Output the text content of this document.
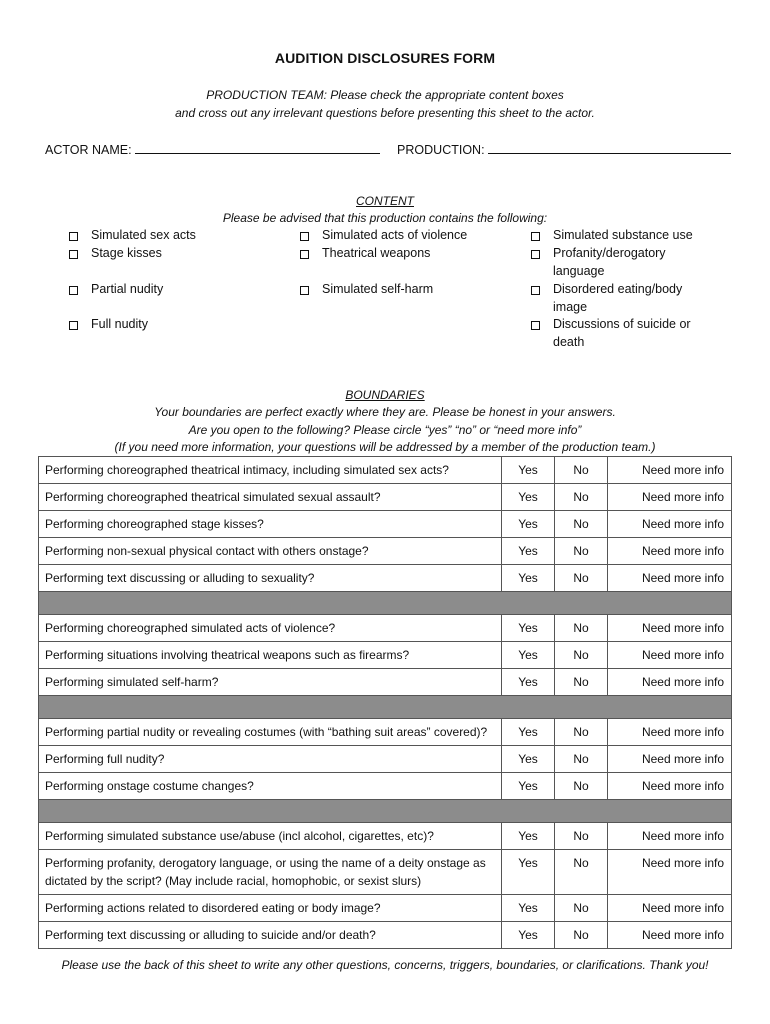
AUDITION DISCLOSURES FORM
PRODUCTION TEAM: Please check the appropriate content boxes
and cross out any irrelevant questions before presenting this sheet to the actor.
ACTOR NAME:	PRODUCTION:
CONTENT
Please be advised that this production contains the following:
Simulated sex acts	Simulated acts of violence	Simulated substance use
Stage kisses	Theatrical weapons	Profanity/derogatory language
Partial nudity	Simulated self-harm	Disordered eating/body image
Full nudity	Discussions of suicide or death
BOUNDARIES
Your boundaries are perfect exactly where they are. Please be honest in your answers.
Are you open to the following? Please circle “yes” “no” or “need more info”
(If you need more information, your questions will be addressed by a member of the production team.)
Performing choreographed theatrical intimacy, including simulated sex acts?	Yes	No	Need more info
Performing choreographed theatrical simulated sexual assault?	Yes	No	Need more info
Performing choreographed stage kisses?	Yes	No	Need more info
Performing non-sexual physical contact with others onstage?	Yes	No	Need more info
Performing text discussing or alluding to sexuality?	Yes	No	Need more info

Performing choreographed simulated acts of violence?	Yes	No	Need more info
Performing situations involving theatrical weapons such as firearms?	Yes	No	Need more info
Performing simulated self-harm?	Yes	No	Need more info

Performing partial nudity or revealing costumes (with “bathing suit areas” covered)?	Yes	No	Need more info
Performing full nudity?	Yes	No	Need more info
Performing onstage costume changes?	Yes	No	Need more info

Performing simulated substance use/abuse (incl alcohol, cigarettes, etc)?	Yes	No	Need more info
Performing profanity, derogatory language, or using the name of a deity onstage as dictated by the script? (May include racial, homophobic, or sexist slurs)	Yes	No	Need more info
Performing actions related to disordered eating or body image?	Yes	No	Need more info
Performing text discussing or alluding to suicide and/or death?	Yes	No	Need more info
Please use the back of this sheet to write any other questions, concerns, triggers, boundaries, or clarifications. Thank you!
